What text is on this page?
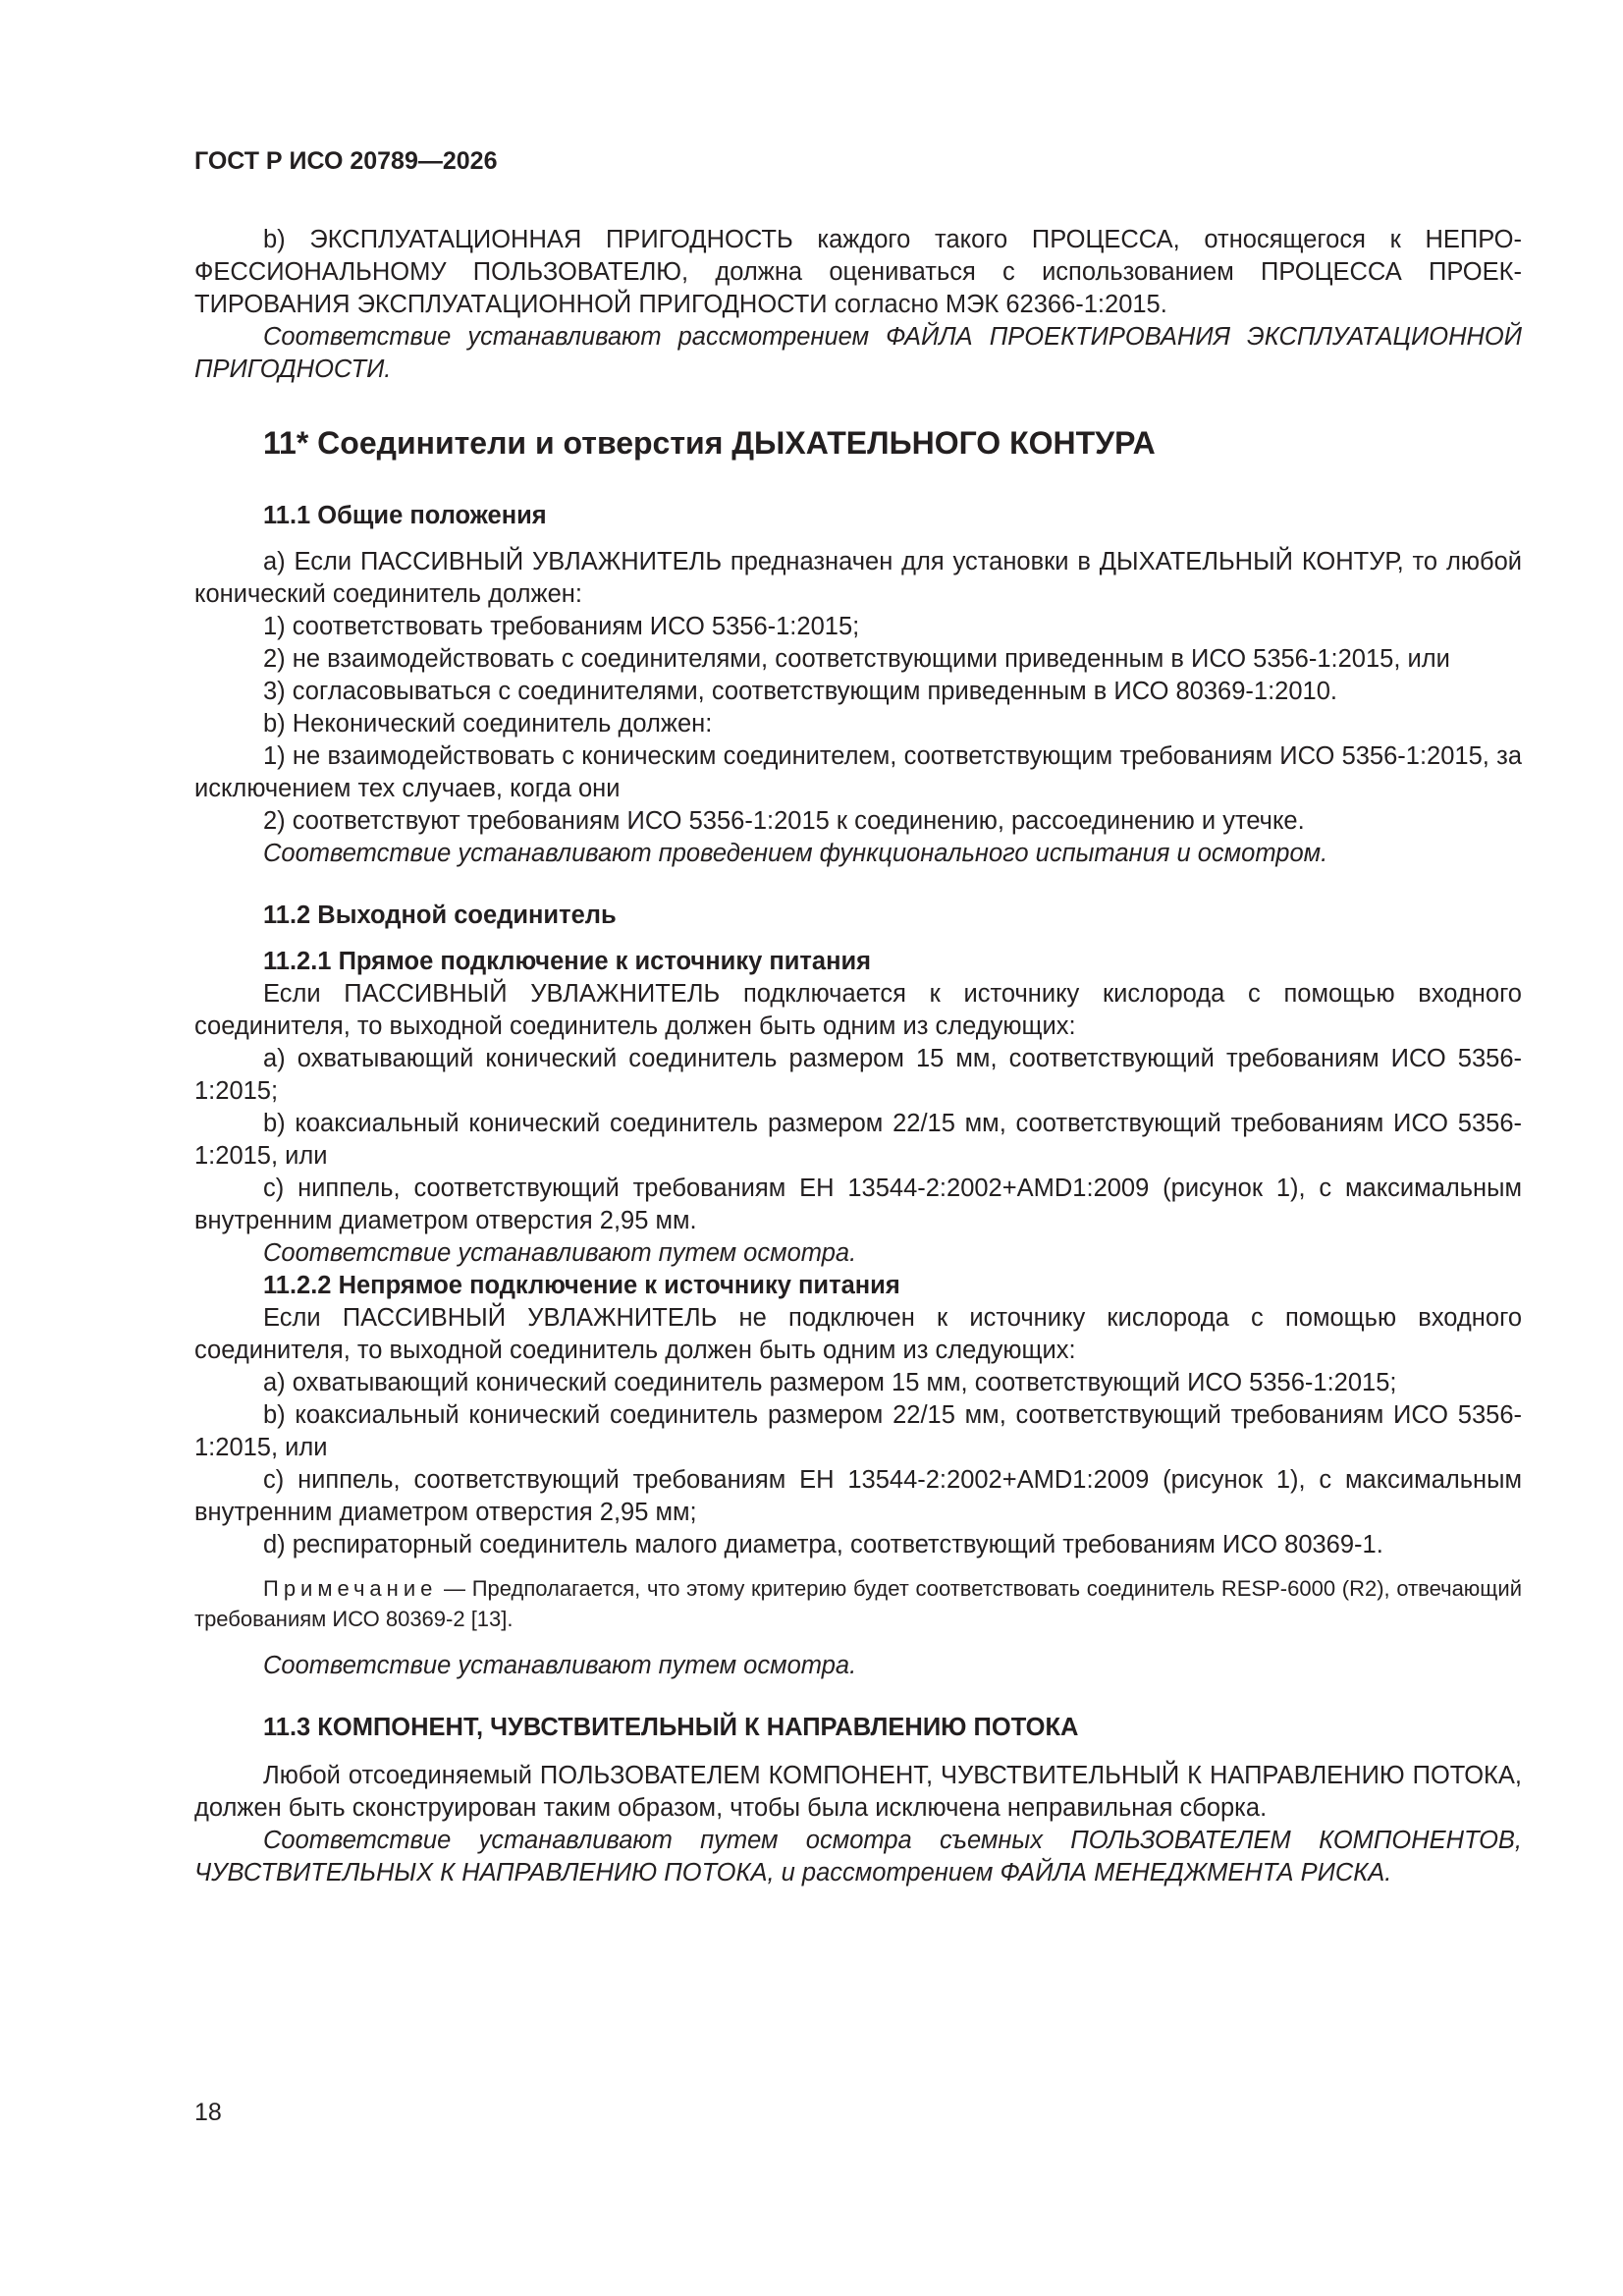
ГОСТ Р ИСО 20789—2026

b) ЭКСПЛУАТАЦИОННАЯ ПРИГОДНОСТЬ каждого такого ПРОЦЕССА, относящегося к НЕПРОФЕССИОНАЛЬНОМУ ПОЛЬЗОВАТЕЛЮ, должна оцениваться с использованием ПРОЦЕССА ПРОЕКТИРОВАНИЯ ЭКСПЛУАТАЦИОННОЙ ПРИГОДНОСТИ согласно МЭК 62366-1:2015.

Соответствие устанавливают рассмотрением ФАЙЛА ПРОЕКТИРОВАНИЯ ЭКСПЛУАТАЦИОННОЙ ПРИГОДНОСТИ.

11* Соединители и отверстия ДЫХАТЕЛЬНОГО КОНТУРА

11.1 Общие положения

а) Если ПАССИВНЫЙ УВЛАЖНИТЕЛЬ предназначен для установки в ДЫХАТЕЛЬНЫЙ КОНТУР, то любой конический соединитель должен:

1) соответствовать требованиям ИСО 5356-1:2015;

2) не взаимодействовать с соединителями, соответствующими приведенным в ИСО 5356-1:2015, или

3) согласовываться с соединителями, соответствующим приведенным в ИСО 80369-1:2010.

b) Неконический соединитель должен:

1) не взаимодействовать с коническим соединителем, соответствующим требованиям ИСО 5356-1:2015, за исключением тех случаев, когда они

2) соответствуют требованиям ИСО 5356-1:2015 к соединению, рассоединению и утечке.

Соответствие устанавливают проведением функционального испытания и осмотром.

11.2 Выходной соединитель

11.2.1 Прямое подключение к источнику питания

Если ПАССИВНЫЙ УВЛАЖНИТЕЛЬ подключается к источнику кислорода с помощью входного соединителя, то выходной соединитель должен быть одним из следующих:

а) охватывающий конический соединитель размером 15 мм, соответствующий требованиям ИСО 5356-1:2015;

b) коаксиальный конический соединитель размером 22/15 мм, соответствующий требованиям ИСО 5356-1:2015, или

с) ниппель, соответствующий требованиям ЕН 13544-2:2002+AMD1:2009 (рисунок 1), с максимальным внутренним диаметром отверстия 2,95 мм.

Соответствие устанавливают путем осмотра.

11.2.2 Непрямое подключение к источнику питания

Если ПАССИВНЫЙ УВЛАЖНИТЕЛЬ не подключен к источнику кислорода с помощью входного соединителя, то выходной соединитель должен быть одним из следующих:

а) охватывающий конический соединитель размером 15 мм, соответствующий ИСО 5356-1:2015;

b) коаксиальный конический соединитель размером 22/15 мм, соответствующий требованиям ИСО 5356-1:2015, или

с) ниппель, соответствующий требованиям ЕН 13544-2:2002+AMD1:2009 (рисунок 1), с максимальным внутренним диаметром отверстия 2,95 мм;

d) респираторный соединитель малого диаметра, соответствующий требованиям ИСО 80369-1.

Примечание — Предполагается, что этому критерию будет соответствовать соединитель RESP-6000 (R2), отвечающий требованиям ИСО 80369-2 [13].

Соответствие устанавливают путем осмотра.

11.3 КОМПОНЕНТ, ЧУВСТВИТЕЛЬНЫЙ К НАПРАВЛЕНИЮ ПОТОКА

Любой отсоединяемый ПОЛЬЗОВАТЕЛЕМ КОМПОНЕНТ, ЧУВСТВИТЕЛЬНЫЙ К НАПРАВЛЕНИЮ ПОТОКА, должен быть сконструирован таким образом, чтобы была исключена неправильная сборка.

Соответствие устанавливают путем осмотра съемных ПОЛЬЗОВАТЕЛЕМ КОМПОНЕНТОВ, ЧУВСТВИТЕЛЬНЫХ К НАПРАВЛЕНИЮ ПОТОКА, и рассмотрением ФАЙЛА МЕНЕДЖМЕНТА РИСКА.

18
